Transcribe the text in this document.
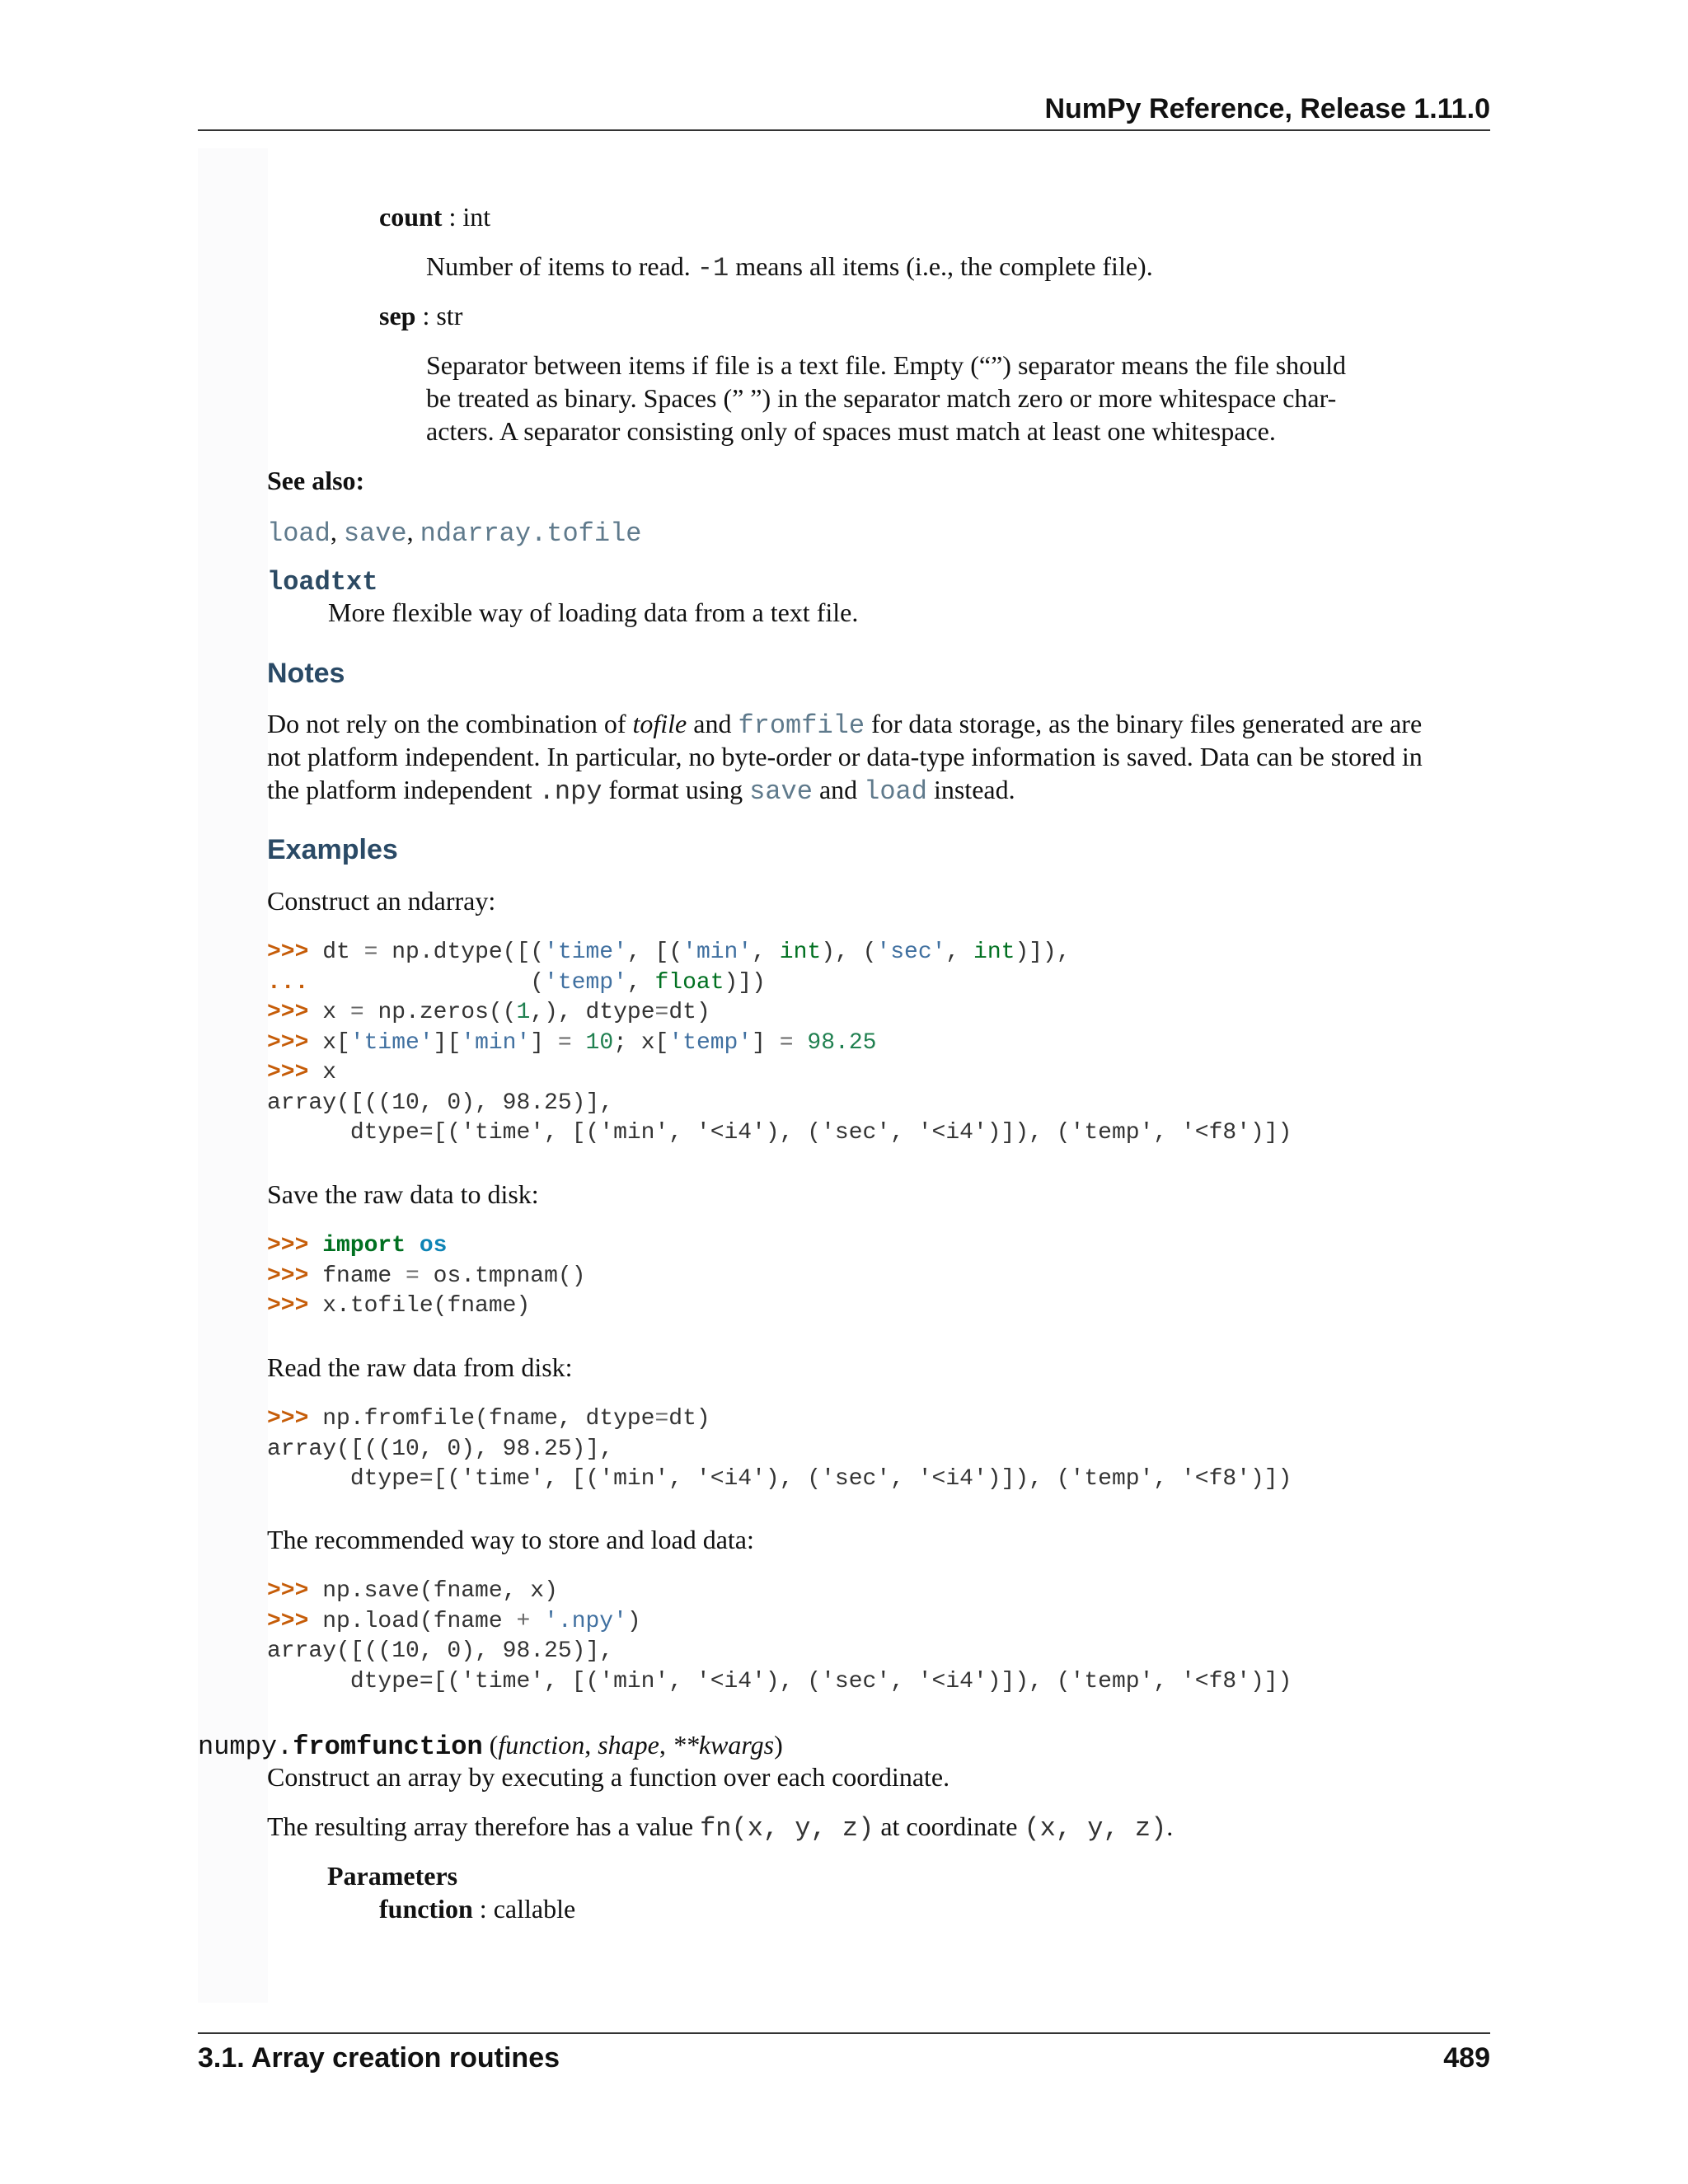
NumPy Reference, Release 1.11.0
count : int
Number of items to read. -1 means all items (i.e., the complete file).
sep : str
Separator between items if file is a text file. Empty (“”) separator means the file should
be treated as binary. Spaces (” ”) in the separator match zero or more whitespace char-
acters. A separator consisting only of spaces must match at least one whitespace.
See also:
load, save, ndarray.tofile
loadtxt
More flexible way of loading data from a text file.
Notes
Do not rely on the combination of tofile and fromfile for data storage, as the binary files generated are are
not platform independent. In particular, no byte-order or data-type information is saved. Data can be stored in
the platform independent .npy format using save and load instead.
Examples
Construct an ndarray:
>>> dt = np.dtype([('time', [('min', int), ('sec', int)]),
...                ('temp', float)])
>>> x = np.zeros((1,), dtype=dt)
>>> x['time']['min'] = 10; x['temp'] = 98.25
>>> x
array([((10, 0), 98.25)],
dtype=[('time', [('min', '<i4'), ('sec', '<i4')]), ('temp', '<f8')])
Save the raw data to disk:
>>> import os
>>> fname = os.tmpnam()
>>> x.tofile(fname)
Read the raw data from disk:
>>> np.fromfile(fname, dtype=dt)
array([((10, 0), 98.25)],
dtype=[('time', [('min', '<i4'), ('sec', '<i4')]), ('temp', '<f8')])
The recommended way to store and load data:
>>> np.save(fname, x)
>>> np.load(fname + '.npy')
array([((10, 0), 98.25)],
dtype=[('time', [('min', '<i4'), ('sec', '<i4')]), ('temp', '<f8')])
numpy.fromfunction (function, shape, **kwargs)
Construct an array by executing a function over each coordinate.
The resulting array therefore has a value fn(x, y, z) at coordinate (x, y, z).
Parameters
function : callable
3.1. Array creation routines	489
